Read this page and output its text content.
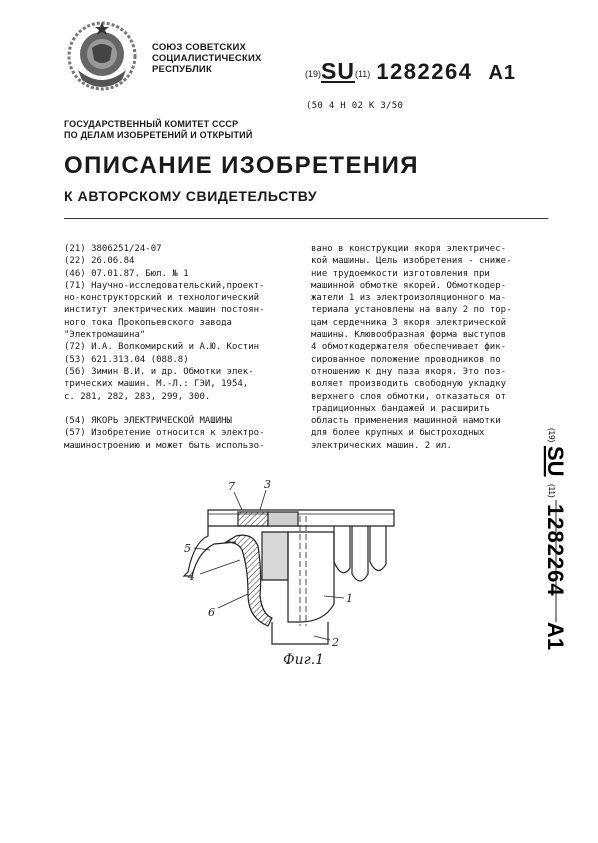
СОЮЗ СОВЕТСКИХ
СОЦИАЛИСТИЧЕСКИХ
РЕСПУБЛИК	(19)SU(11) 1282264 A1
(50 4 H 02 K 3/50
ГОСУДАРСТВЕННЫЙ КОМИТЕТ СССР
ПО ДЕЛАМ ИЗОБРЕТЕНИЙ И ОТКРЫТИЙ
ОПИСАНИЕ ИЗОБРЕТЕНИЯ
К АВТОРСКОМУ СВИДЕТЕЛЬСТВУ
(21) 3806251/24-07
(22) 26.06.84
(46) 07.01.87. Бюл. № 1
(71) Научно-исследовательский,проект-
но-конструкторский и технологический
институт электрических машин постоян-
ного тока Прокопьевского завода
"Электромашина"
(72) И.А. Волкомирский и А.Ю. Костин
(53) 621.313.04 (088.8)
(56) Зимин В.И. и др. Обмотки элек-
трических машин. М.-Л.: ГЭИ, 1954,
с. 281, 282, 283, 299, 300.

(54) ЯКОРЬ ЭЛЕКТРИЧЕСКОЙ МАШИНЫ
(57) Изобретение относится к электро-
машиностроению и может быть использо-
вано в конструкции якоря электричес-
кой машины. Цель изобретения - сниже-
ние трудоемкости изготовления при
машинной обмотке якорей. Обмоткодер-
жатели 1 из электроизоляционного ма-
териала установлены на валу 2 по тор-
цам сердечника 3 якоря электрической
машины. Клювообразная форма выступов
4 обмоткодержателя обеспечивает фик-
сированное положение проводников по
отношению к дну паза якоря. Это поз-
воляет производить свободную укладку
верхнего слоя обмотки, отказаться от
традиционных бандажей и расширить
область применения машинной намотки
для более крупных и быстроходных
электрических машин. 2 ил.
(19)
SU
(11)
1282264
A1
7	3
5
4
6
1
2
Фиг.1
